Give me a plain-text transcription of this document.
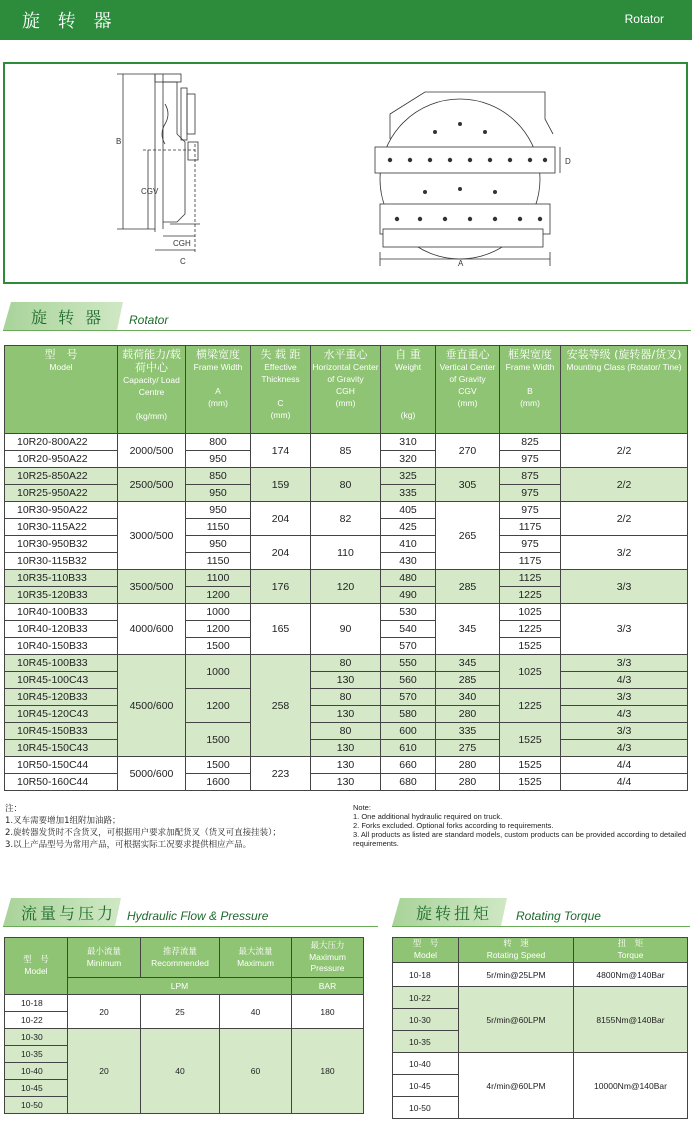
旋 转 器	Rotator
B
CGV
CGH
C
D
A
旋 转 器 Rotator
型　号
Model	载荷能力/载荷中心
Capacity/ Load Centre

(kg/mm)	横梁宽度
Frame Width

A
(mm)	失 载 距
Effective Thickness

C
(mm)	水平重心
Horizontal Center of Gravity
CGH
(mm)	自 重
Weight

(kg)	垂直重心
Vertical Center of Gravity
CGV
(mm)	框架宽度
Frame Width

B
(mm)	安装等级 (旋转器/货叉)
Mounting Class (Rotator/ Tine)
10R20-800A22	2000/500	800	174	85	310	270	825	2/2
10R20-950A22		950			320		975	
10R25-850A22	2500/500	850	159	80	325	305	875	2/2
10R25-950A22		950			335		975	
10R30-950A22	3000/500	950	204	82	405	265	975	2/2
10R30-115A22		1150			425		1175	
10R30-950B32		950	204	110	410		975	3/2
10R30-115B32		1150			430		1175	
10R35-110B33	3500/500	1100	176	120	480	285	1125	3/3
10R35-120B33		1200			490		1225	
10R40-100B33	4000/600	1000	165	90	530	345	1025	3/3
10R40-120B33		1200			540		1225	
10R40-150B33		1500			570		1525	
10R45-100B33	4500/600	1000	258	80	550	345	1025	3/3
10R45-100C43				130	560	285		4/3
10R45-120B33		1200		80	570	340	1225	3/3
10R45-120C43				130	580	280		4/3
10R45-150B33		1500		80	600	335	1525	3/3
10R45-150C43				130	610	275		4/3
10R50-150C44	5000/600	1500	223	130	660	280	1525	4/4
10R50-160C44		1600		130	680	280	1525	4/4
注：
1.叉车需要增加1组附加油路；
2.旋转器发货时不含货叉，可根据用户要求加配货叉（货叉可直接挂装）；
3.以上产品型号为常用产品，可根据实际工况要求提供相应产品。
Note:
1. One additional hydraulic required on truck.
2. Forks excluded. Optional forks according to requirements.
3. All products as listed are standard models, custom products can be provided according to detailed requirements.
流量与压力 Hydraulic Flow & Pressure
型　号
Model	最小流量
Minimum	推荐流量
Recommended	最大流量
Maximum	最大压力
Maximum Pressure
	LPM			BAR
10-18	20	25	40	180
10-22				
10-30	20	40	60	180
10-35				
10-40				
10-45				
10-50				
旋转扭矩 Rotating Torque
型　号
Model	转　速
Rotating Speed	扭　矩
Torque
10-18	5r/min@25LPM	4800Nm@140Bar
10-22	5r/min@60LPM	8155Nm@140Bar
10-30		
10-35		
10-40	4r/min@60LPM	10000Nm@140Bar
10-45		
10-50		
